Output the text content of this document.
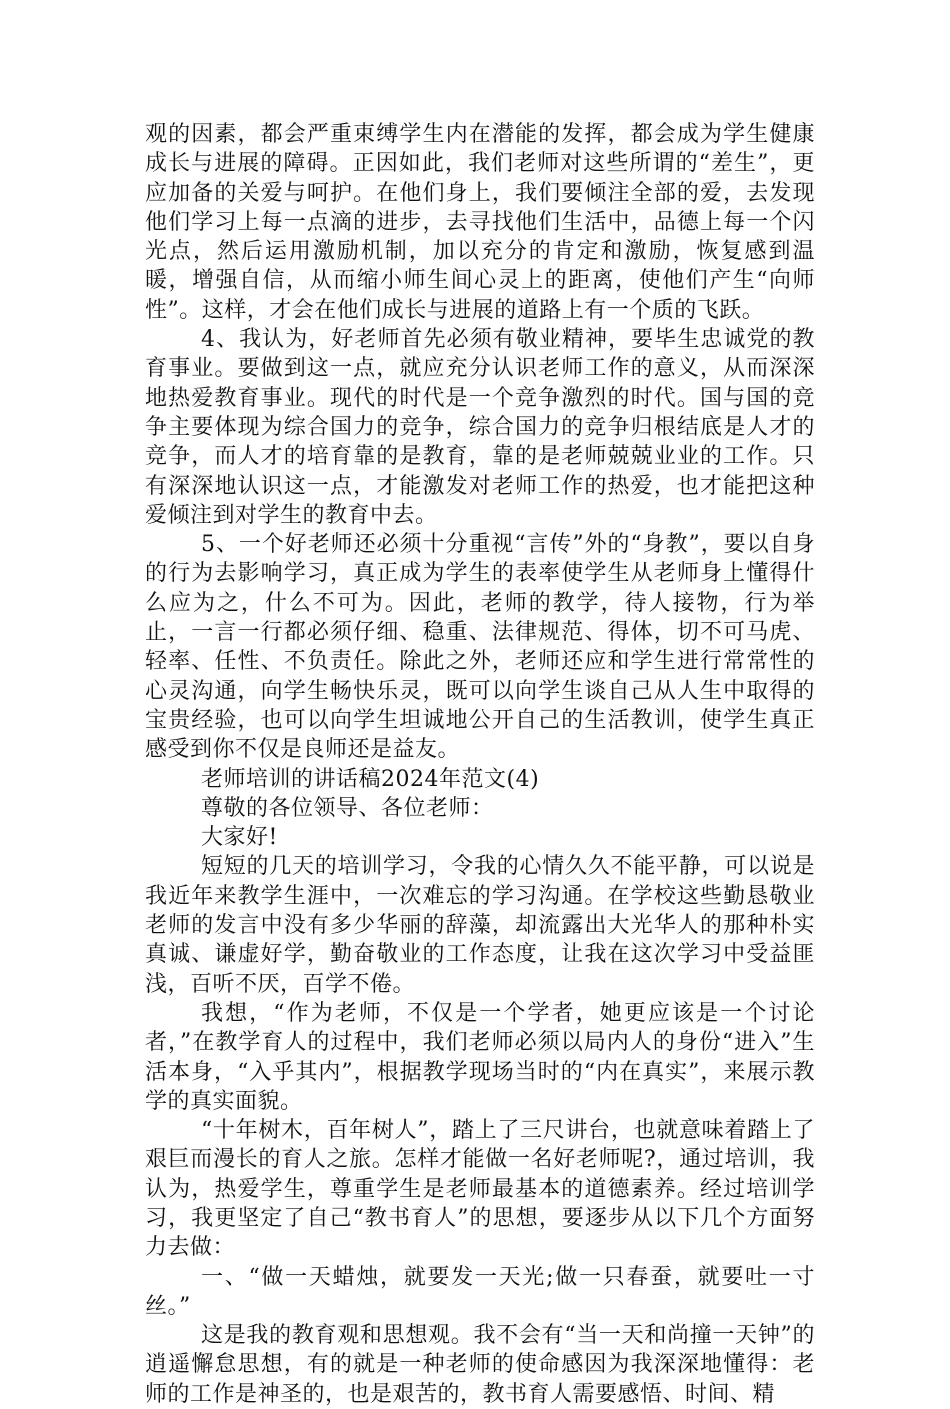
观的因素，都会严重束缚学生内在潜能的发挥，都会成为学生健康成长与进展的障碍。正因如此，我们老师对这些所谓的“差生”，更应加备的关爱与呵护。在他们身上，我们要倾注全部的爱，去发现他们学习上每一点滴的进步，去寻找他们生活中，品德上每一个闪光点，然后运用激励机制，加以充分的肯定和激励，恢复感到温暖，增强自信，从而缩小师生间心灵上的距离，使他们产生“向师性”。这样，才会在他们成长与进展的道路上有一个质的飞跃。

4、我认为，好老师首先必须有敬业精神，要毕生忠诚党的教育事业。要做到这一点，就应充分认识老师工作的意义，从而深深地热爱教育事业。现代的时代是一个竞争激烈的时代。国与国的竞争主要体现为综合国力的竞争，综合国力的竞争归根结底是人才的竞争，而人才的培育靠的是教育，靠的是老师兢兢业业的工作。只有深深地认识这一点，才能激发对老师工作的热爱，也才能把这种爱倾注到对学生的教育中去。

5、一个好老师还必须十分重视“言传”外的“身教”，要以自身的行为去影响学习，真正成为学生的表率使学生从老师身上懂得什么应为之，什么不可为。因此，老师的教学，待人接物，行为举止，一言一行都必须仔细、稳重、法律规范、得体，切不可马虎、轻率、任性、不负责任。除此之外，老师还应和学生进行常常性的心灵沟通，向学生畅快乐灵，既可以向学生谈自己从人生中取得的宝贵经验，也可以向学生坦诚地公开自己的生活教训，使学生真正感受到你不仅是良师还是益友。

老师培训的讲话稿2024年范文(4)

尊敬的各位领导、各位老师：

大家好!

短短的几天的培训学习，令我的心情久久不能平静，可以说是我近年来教学生涯中，一次难忘的学习沟通。在学校这些勤恳敬业老师的发言中没有多少华丽的辞藻，却流露出大光华人的那种朴实真诚、谦虚好学，勤奋敬业的工作态度，让我在这次学习中受益匪浅，百听不厌，百学不倦。

我想，“作为老师，不仅是一个学者，她更应该是一个讨论者，”在教学育人的过程中，我们老师必须以局内人的身份“进入”生活本身，“入乎其内”，根据教学现场当时的“内在真实”，来展示教学的真实面貌。

“十年树木，百年树人”，踏上了三尺讲台，也就意味着踏上了艰巨而漫长的育人之旅。怎样才能做一名好老师呢?，通过培训，我认为，热爱学生，尊重学生是老师最基本的道德素养。经过培训学习，我更坚定了自己“教书育人”的思想，要逐步从以下几个方面努力去做：

一、“做一天蜡烛，就要发一天光;做一只春蚕，就要吐一寸丝。”

这是我的教育观和思想观。我不会有“当一天和尚撞一天钟”的逍遥懈怠思想，有的就是一种老师的使命感因为我深深地懂得：老师的工作是神圣的，也是艰苦的，教书育人需要感悟、时间、精
